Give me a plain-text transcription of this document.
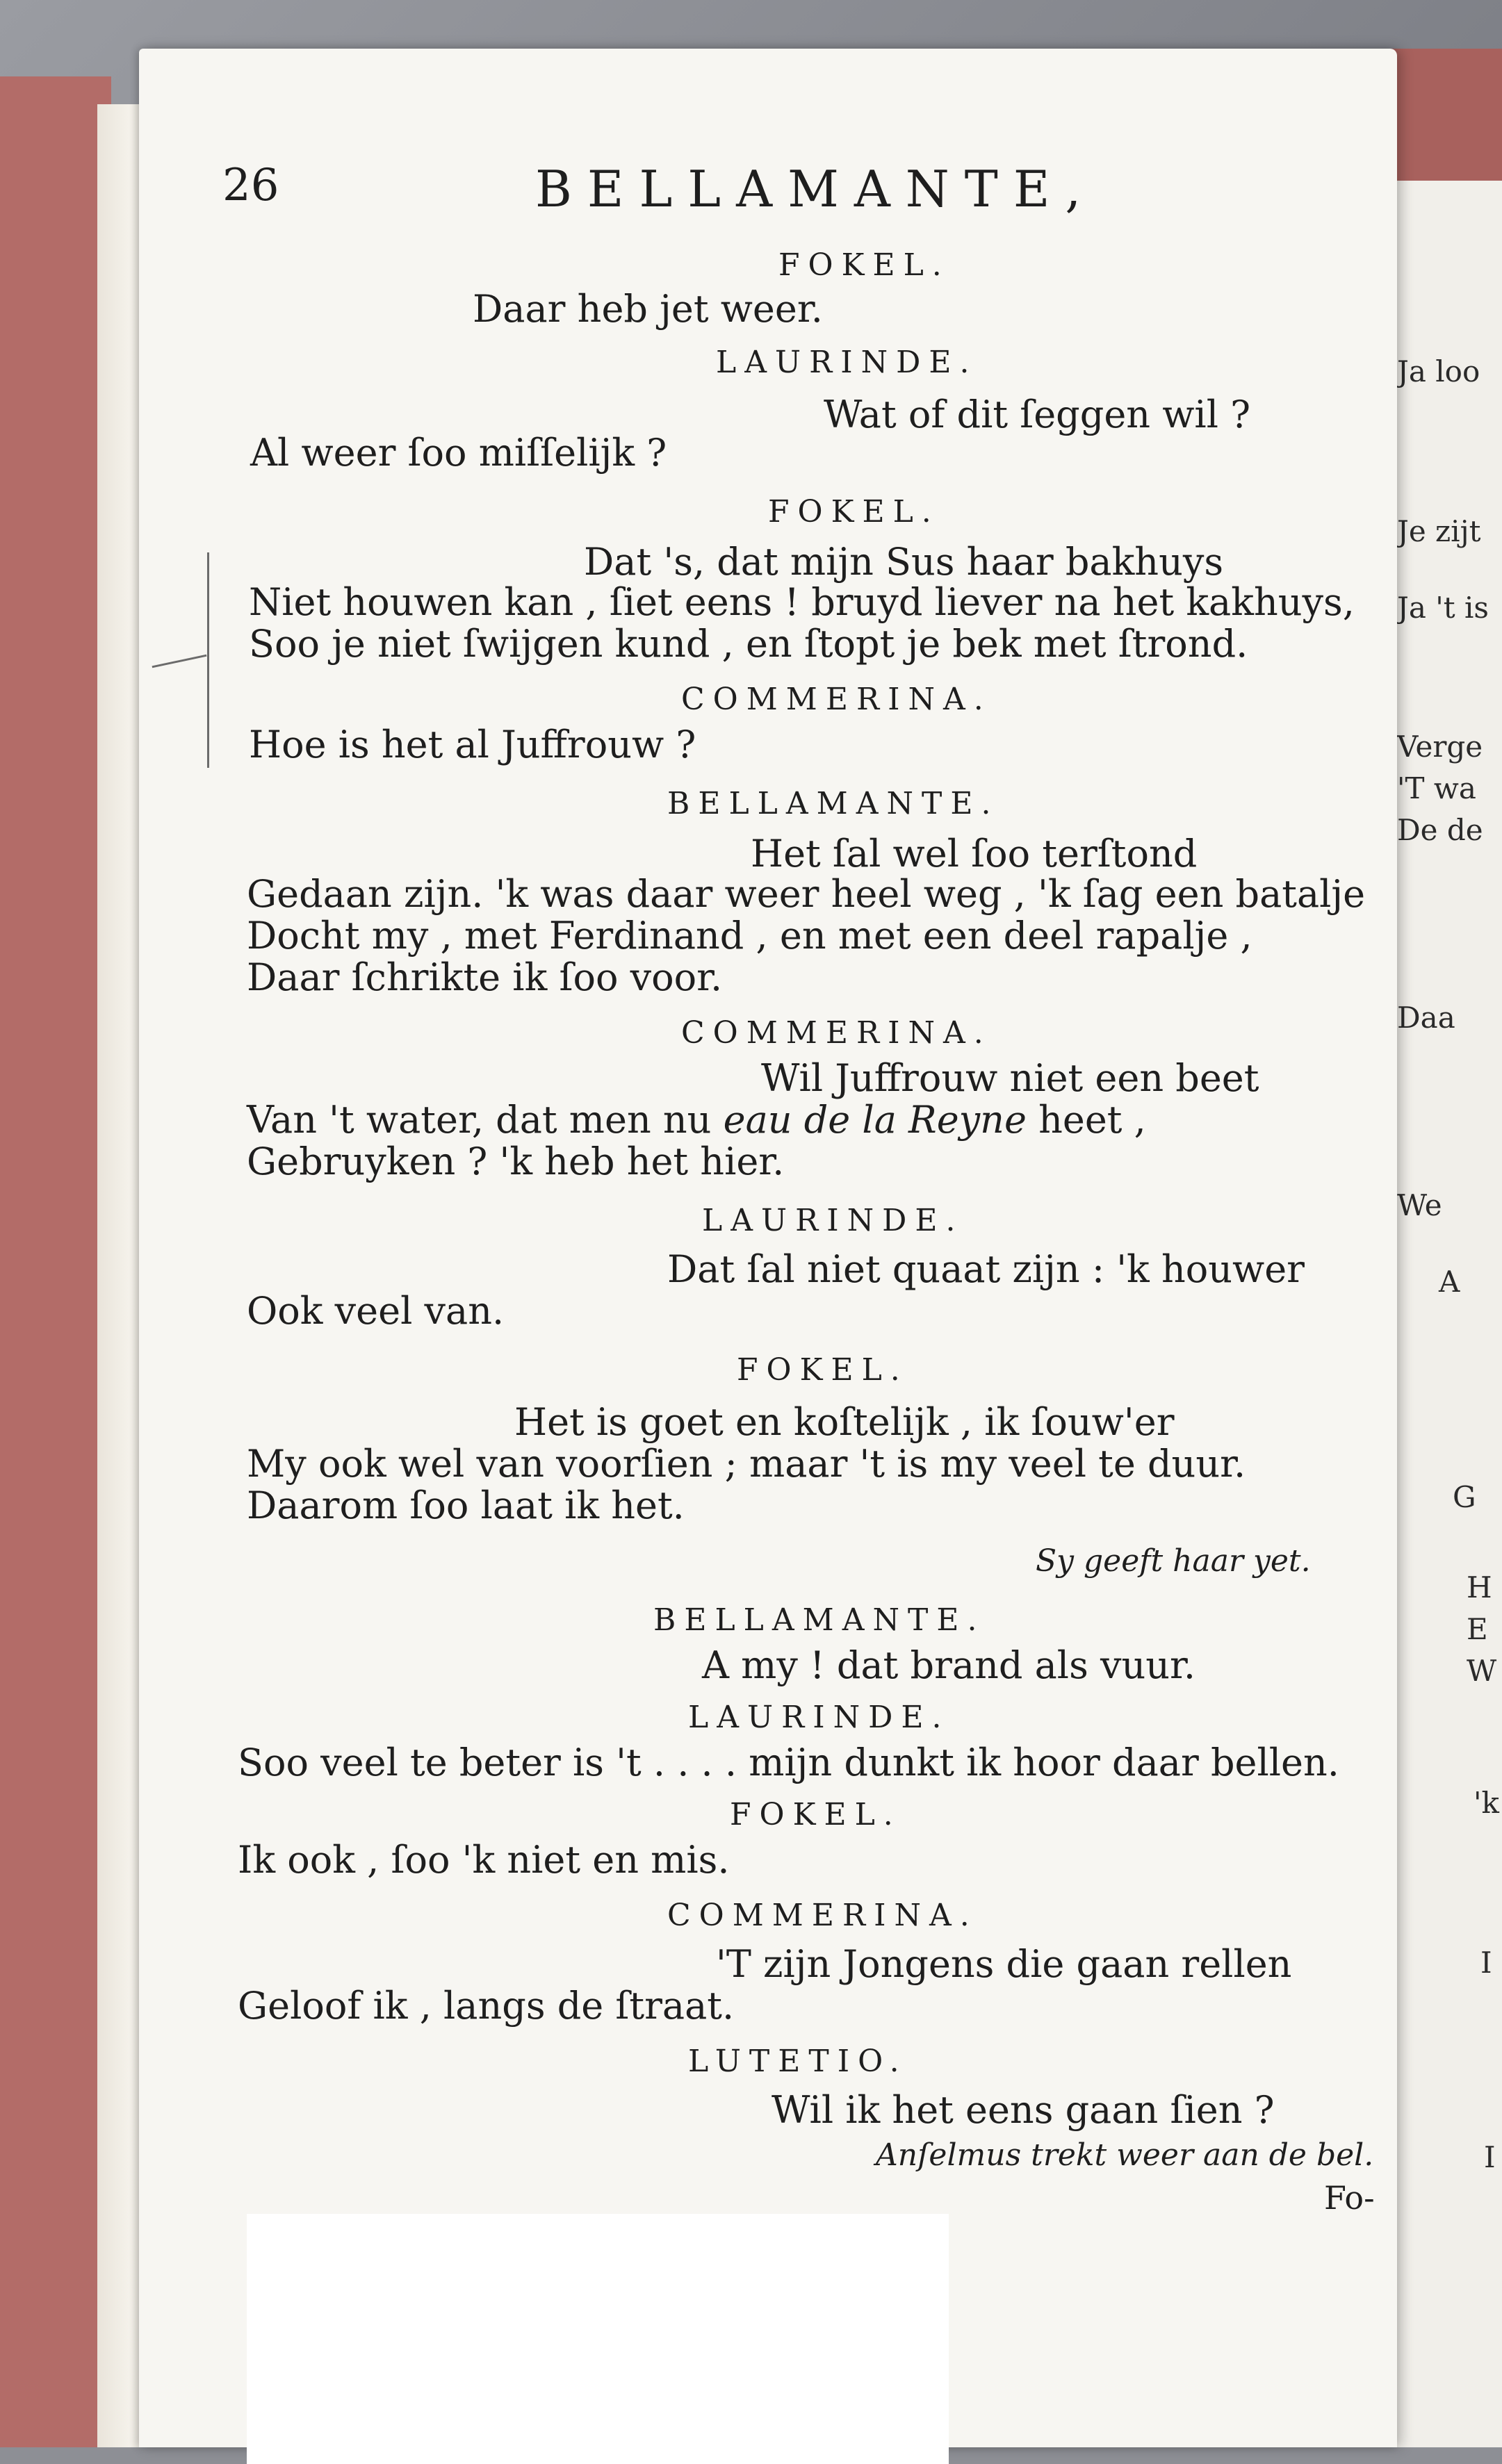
Ja loo
Je zijt
Ja 't is
Verge
'T wa
De de
Daa
We
A
G
H
E
W
'k
I
I
26	BELLAMANTE,
FOKEL.
Daar heb jet weer.
LAURINDE.
Wat of dit ſeggen wil ?
Al weer ſoo miſſelijk ?
FOKEL.
Dat 's, dat mijn Sus haar bakhuys
Niet houwen kan , ſiet eens ! bruyd liever na het kakhuys,
Soo je niet ſwijgen kund , en ſtopt je bek met ſtrond.
COMMERINA.
Hoe is het al Juffrouw ?
BELLAMANTE.
Het ſal wel ſoo terſtond
Gedaan zijn. 'k was daar weer heel weg , 'k ſag een batalje
Docht my , met Ferdinand , en met een deel rapalje ,
Daar ſchrikte ik ſoo voor.
COMMERINA.
Wil Juffrouw niet een beet
Van 't water, dat men nu eau de la Reyne heet ,
Gebruyken ? 'k heb het hier.
LAURINDE.
Dat ſal niet quaat zijn : 'k houwer
Ook veel van.
FOKEL.
Het is goet en koſtelijk , ik ſouw'er
My ook wel van voorſien ; maar 't is my veel te duur.
Daarom ſoo laat ik het.
Sy geeft haar yet.
BELLAMANTE.
A my ! dat brand als vuur.
LAURINDE.
Soo veel te beter is 't . . . . mijn dunkt ik hoor daar bellen.
FOKEL.
Ik ook , ſoo 'k niet en mis.
COMMERINA.
'T zijn Jongens die gaan rellen
Geloof ik , langs de ſtraat.
LUTETIO.
Wil ik het eens gaan ſien ?
Anſelmus trekt weer aan de bel.
Fo-
